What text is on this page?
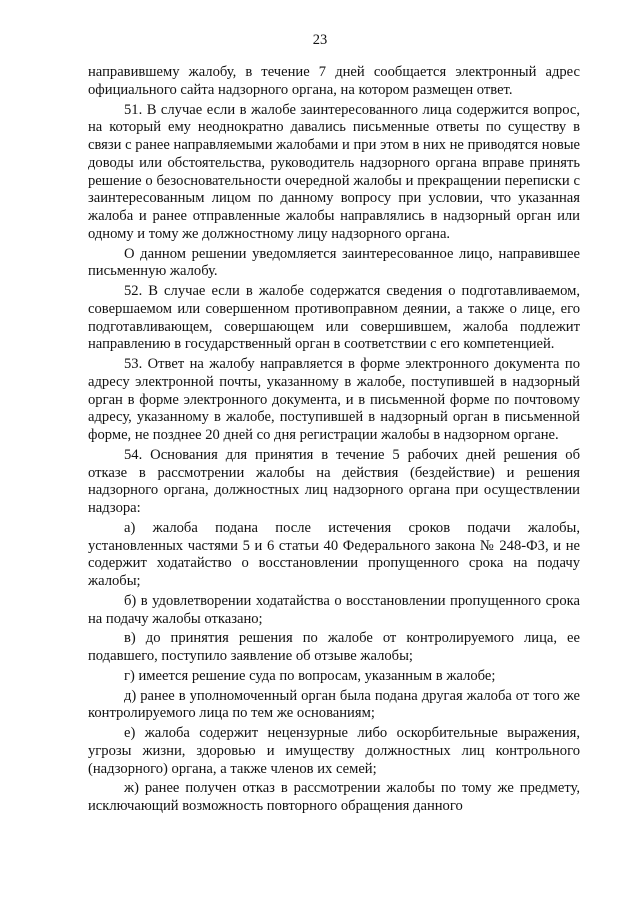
23

направившему жалобу, в течение 7 дней сообщается электронный адрес официального сайта надзорного органа, на котором размещен ответ.

51. В случае если в жалобе заинтересованного лица содержится вопрос, на который ему неоднократно давались письменные ответы по существу в связи с ранее направляемыми жалобами и при этом в них не приводятся новые доводы или обстоятельства, руководитель надзорного органа вправе принять решение о безосновательности очередной жалобы и прекращении переписки с заинтересованным лицом по данному вопросу при условии, что указанная жалоба и ранее отправленные жалобы направлялись в надзорный орган или одному и тому же должностному лицу надзорного органа.

О данном решении уведомляется заинтересованное лицо, направившее письменную жалобу.

52. В случае если в жалобе содержатся сведения о подготавливаемом, совершаемом или совершенном противоправном деянии, а также о лице, его подготавливающем, совершающем или совершившем, жалоба подлежит направлению в государственный орган в соответствии с его компетенцией.

53. Ответ на жалобу направляется в форме электронного документа по адресу электронной почты, указанному в жалобе, поступившей в надзорный орган в форме электронного документа, и в письменной форме по почтовому адресу, указанному в жалобе, поступившей в надзорный орган в письменной форме, не позднее 20 дней со дня регистрации жалобы в надзорном органе.

54. Основания для принятия в течение 5 рабочих дней решения об отказе в рассмотрении жалобы на действия (бездействие) и решения надзорного органа, должностных лиц надзорного органа при осуществлении надзора:

а) жалоба подана после истечения сроков подачи жалобы, установленных частями 5 и 6 статьи 40 Федерального закона № 248-ФЗ, и не содержит ходатайство о восстановлении пропущенного срока на подачу жалобы;

б) в удовлетворении ходатайства о восстановлении пропущенного срока на подачу жалобы отказано;

в) до принятия решения по жалобе от контролируемого лица, ее подавшего, поступило заявление об отзыве жалобы;

г) имеется решение суда по вопросам, указанным в жалобе;

д) ранее в уполномоченный орган была подана другая жалоба от того же контролируемого лица по тем же основаниям;

е) жалоба содержит нецензурные либо оскорбительные выражения, угрозы жизни, здоровью и имуществу должностных лиц контрольного (надзорного) органа, а также членов их семей;

ж) ранее получен отказ в рассмотрении жалобы по тому же предмету, исключающий возможность повторного обращения данного
